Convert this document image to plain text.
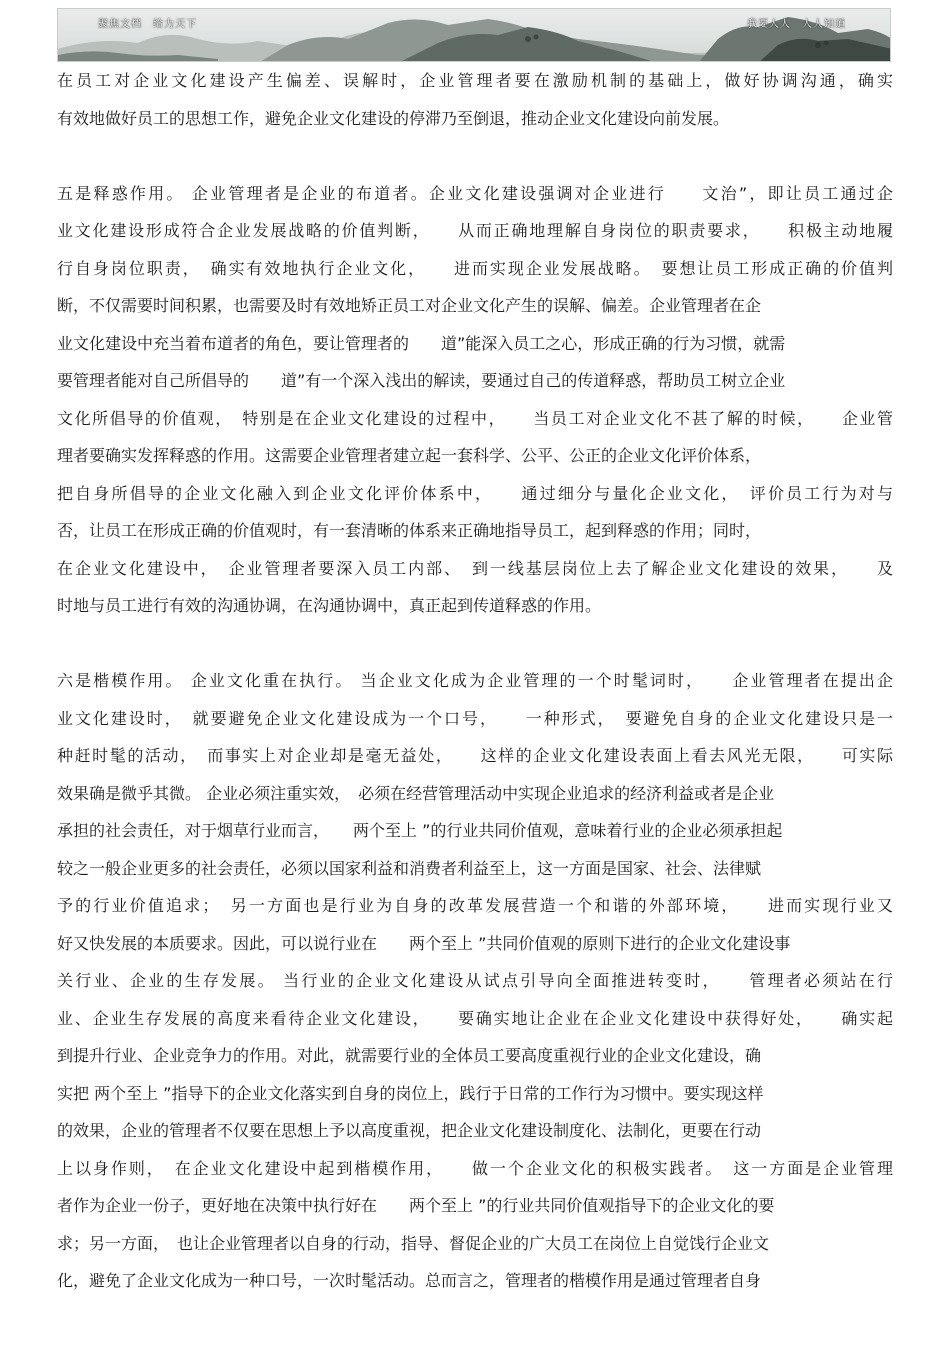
聚焦文档　给力天下	我要人人　人人知道
在员工对企业文化建设产生偏差、误解时，企业管理者要在激励机制的基础上，做好协调沟通，确实
有效地做好员工的思想工作，避免企业文化建设的停滞乃至倒退，推动企业文化建设向前发展。
五是释惑作用。 企业管理者是企业的布道者。企业文化建设强调对企业进行　　文治”，即让员工通过企
业文化建设形成符合企业发展战略的价值判断，　　从而正确地理解自身岗位的职责要求，　　积极主动地履
行自身岗位职责，　确实有效地执行企业文化，　　进而实现企业发展战略。　要想让员工形成正确的价值判
断，不仅需要时间积累，也需要及时有效地矫正员工对企业文化产生的误解、偏差。企业管理者在企
业文化建设中充当着布道者的角色，要让管理者的　　道”能深入员工之心，形成正确的行为习惯，就需
要管理者能对自己所倡导的　　道”有一个深入浅出的解读，要通过自己的传道释惑，帮助员工树立企业
文化所倡导的价值观，　特别是在企业文化建设的过程中，　　当员工对企业文化不甚了解的时候，　　企业管
理者要确实发挥释惑的作用。这需要企业管理者建立起一套科学、公平、公正的企业文化评价体系，
把自身所倡导的企业文化融入到企业文化评价体系中，　　通过细分与量化企业文化，　评价员工行为对与
否，让员工在形成正确的价值观时，有一套清晰的体系来正确地指导员工，起到释惑的作用；同时，
在企业文化建设中，　企业管理者要深入员工内部、　到一线基层岗位上去了解企业文化建设的效果，　　及
时地与员工进行有效的沟通协调，在沟通协调中，真正起到传道释惑的作用。
六是楷模作用。 企业文化重在执行。 当企业文化成为企业管理的一个时髦词时，　　企业管理者在提出企
业文化建设时，　就要避免企业文化建设成为一个口号，　　一种形式，　要避免自身的企业文化建设只是一
种赶时髦的活动，　而事实上对企业却是毫无益处，　　这样的企业文化建设表面上看去风光无限，　　可实际
效果确是微乎其微。 企业必须注重实效，　必须在经营管理活动中实现企业追求的经济利益或者是企业
承担的社会责任，对于烟草行业而言，　　两个至上 ”的行业共同价值观，意味着行业的企业必须承担起
较之一般企业更多的社会责任，必须以国家利益和消费者利益至上，这一方面是国家、社会、法律赋
予的行业价值追求；　另一方面也是行业为自身的改革发展营造一个和谐的外部环境，　　进而实现行业又
好又快发展的本质要求。因此，可以说行业在　　两个至上 ”共同价值观的原则下进行的企业文化建设事
关行业、企业的生存发展。 当行业的企业文化建设从试点引导向全面推进转变时，　　管理者必须站在行
业、企业生存发展的高度来看待企业文化建设，　　要确实地让企业在企业文化建设中获得好处，　　确实起
到提升行业、企业竞争力的作用。对此，就需要行业的全体员工要高度重视行业的企业文化建设，确
实把 两个至上 ”指导下的企业文化落实到自身的岗位上，践行于日常的工作行为习惯中。要实现这样
的效果，企业的管理者不仅要在思想上予以高度重视，把企业文化建设制度化、法制化，更要在行动
上以身作则，　在企业文化建设中起到楷模作用，　　做一个企业文化的积极实践者。　这一方面是企业管理
者作为企业一份子，更好地在决策中执行好在　　两个至上 ”的行业共同价值观指导下的企业文化的要
求；另一方面，　也让企业管理者以自身的行动，指导、督促企业的广大员工在岗位上自觉饯行企业文
化，避免了企业文化成为一种口号，一次时髦活动。总而言之，管理者的楷模作用是通过管理者自身
